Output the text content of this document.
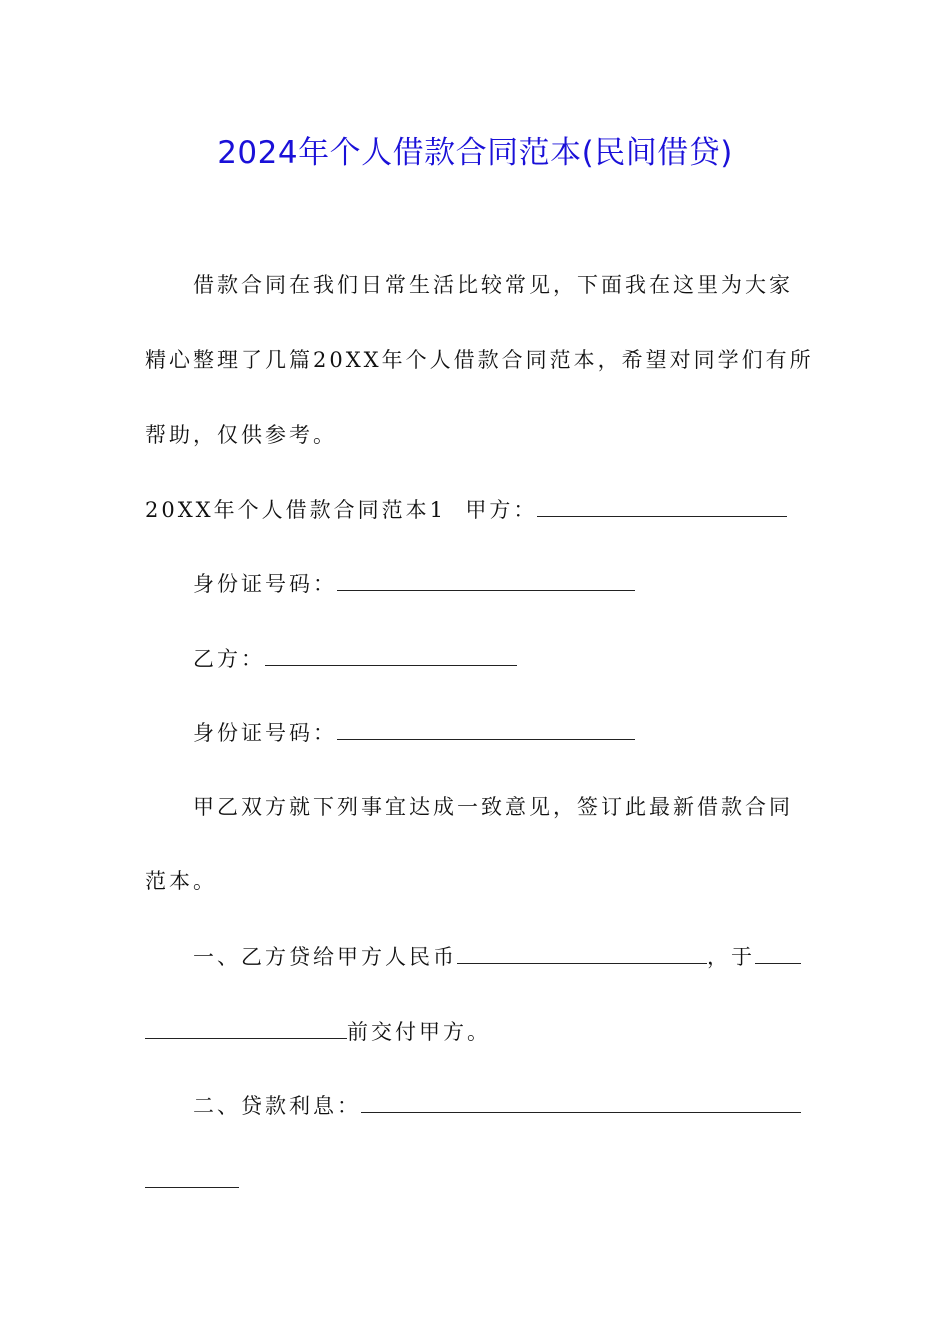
2024年个人借款合同范本(民间借贷)
借款合同在我们日常生活比较常见，下面我在这里为大家
精心整理了几篇20XX年个人借款合同范本，希望对同学们有所
帮助，仅供参考。
20XX年个人借款合同范本1 甲方：
身份证号码：
乙方：
身份证号码：
甲乙双方就下列事宜达成一致意见，签订此最新借款合同
范本。
一、乙方贷给甲方人民币	，于
前交付甲方。
二、贷款利息：
